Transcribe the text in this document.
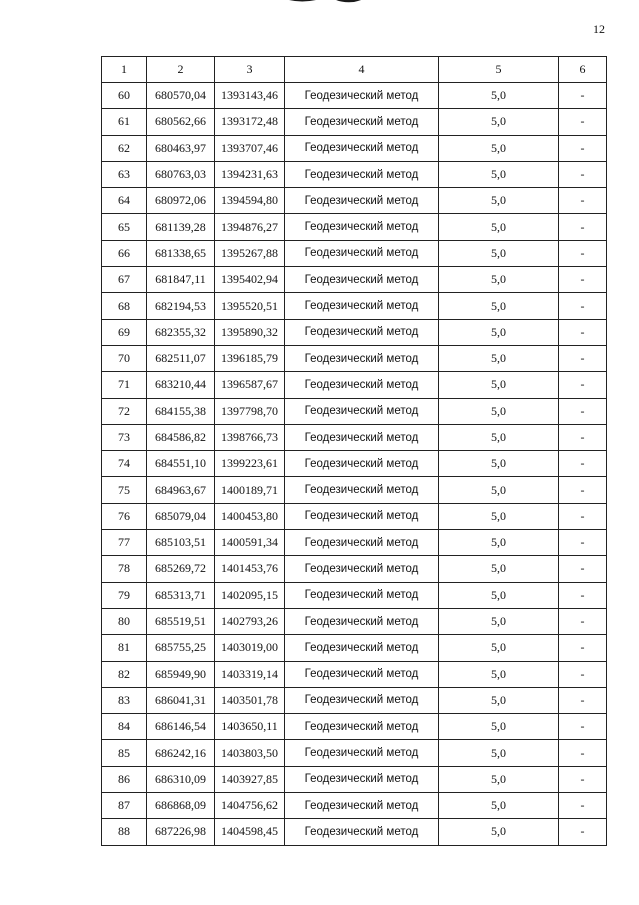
12
1	2	3	4	5	6
60	680570,04	1393143,46	Геодезический метод	5,0	-
61	680562,66	1393172,48	Геодезический метод	5,0	-
62	680463,97	1393707,46	Геодезический метод	5,0	-
63	680763,03	1394231,63	Геодезический метод	5,0	-
64	680972,06	1394594,80	Геодезический метод	5,0	-
65	681139,28	1394876,27	Геодезический метод	5,0	-
66	681338,65	1395267,88	Геодезический метод	5,0	-
67	681847,11	1395402,94	Геодезический метод	5,0	-
68	682194,53	1395520,51	Геодезический метод	5,0	-
69	682355,32	1395890,32	Геодезический метод	5,0	-
70	682511,07	1396185,79	Геодезический метод	5,0	-
71	683210,44	1396587,67	Геодезический метод	5,0	-
72	684155,38	1397798,70	Геодезический метод	5,0	-
73	684586,82	1398766,73	Геодезический метод	5,0	-
74	684551,10	1399223,61	Геодезический метод	5,0	-
75	684963,67	1400189,71	Геодезический метод	5,0	-
76	685079,04	1400453,80	Геодезический метод	5,0	-
77	685103,51	1400591,34	Геодезический метод	5,0	-
78	685269,72	1401453,76	Геодезический метод	5,0	-
79	685313,71	1402095,15	Геодезический метод	5,0	-
80	685519,51	1402793,26	Геодезический метод	5,0	-
81	685755,25	1403019,00	Геодезический метод	5,0	-
82	685949,90	1403319,14	Геодезический метод	5,0	-
83	686041,31	1403501,78	Геодезический метод	5,0	-
84	686146,54	1403650,11	Геодезический метод	5,0	-
85	686242,16	1403803,50	Геодезический метод	5,0	-
86	686310,09	1403927,85	Геодезический метод	5,0	-
87	686868,09	1404756,62	Геодезический метод	5,0	-
88	687226,98	1404598,45	Геодезический метод	5,0	-
